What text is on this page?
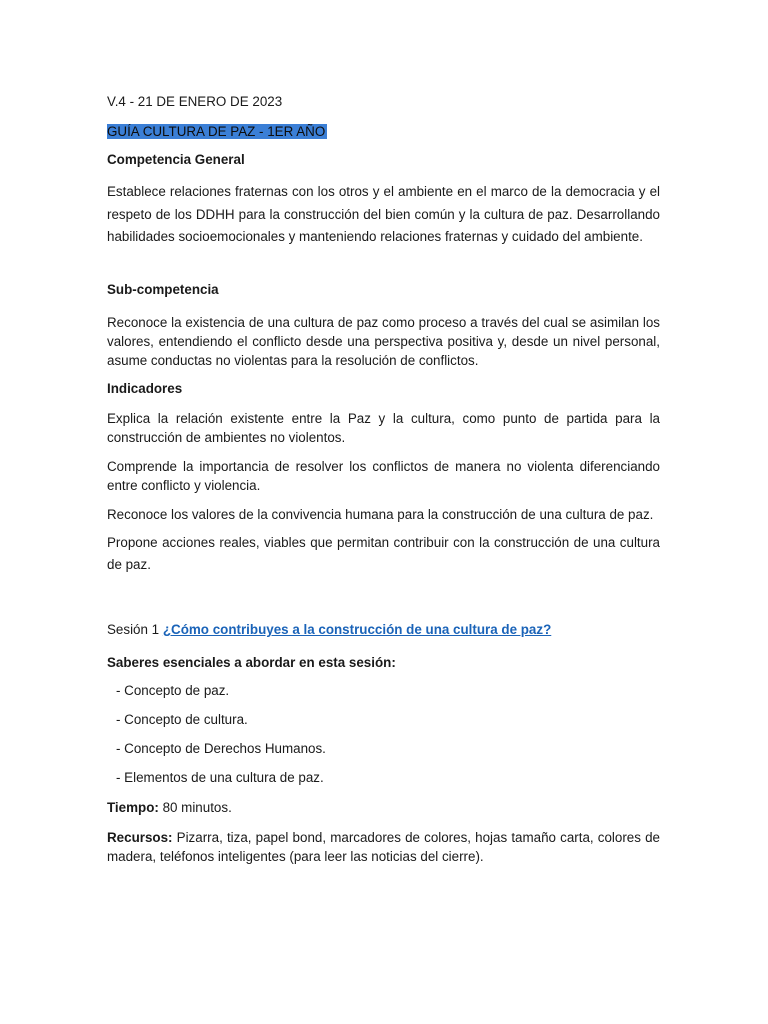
V.4 - 21 DE ENERO DE 2023

GUÍA CULTURA DE PAZ - 1ER AÑO

Competencia General

Establece relaciones fraternas con los otros y el ambiente en el marco de la democracia y el respeto de los DDHH para la construcción del bien común y la cultura de paz. Desarrollando habilidades socioemocionales y manteniendo relaciones fraternas y cuidado del ambiente.

Sub-competencia

Reconoce la existencia de una cultura de paz como proceso a través del cual se asimilan los valores, entendiendo el conflicto desde una perspectiva positiva y, desde un nivel personal, asume conductas no violentas para la resolución de conflictos.

Indicadores

Explica la relación existente entre la Paz y la cultura, como punto de partida para la construcción de ambientes no violentos.

Comprende la importancia de resolver los conflictos de manera no violenta diferenciando entre conflicto y violencia.

Reconoce los valores de la convivencia humana para la construcción de una cultura de paz.

Propone acciones reales, viables que permitan contribuir con la construcción de una cultura de paz.

Sesión 1 ¿Cómo contribuyes a la construcción de una cultura de paz?

Saberes esenciales a abordar en esta sesión:

- Concepto de paz.
- Concepto de cultura.
- Concepto de Derechos Humanos.
- Elementos de una cultura de paz.

Tiempo: 80 minutos.

Recursos: Pizarra, tiza, papel bond, marcadores de colores, hojas tamaño carta, colores de madera, teléfonos inteligentes (para leer las noticias del cierre).
